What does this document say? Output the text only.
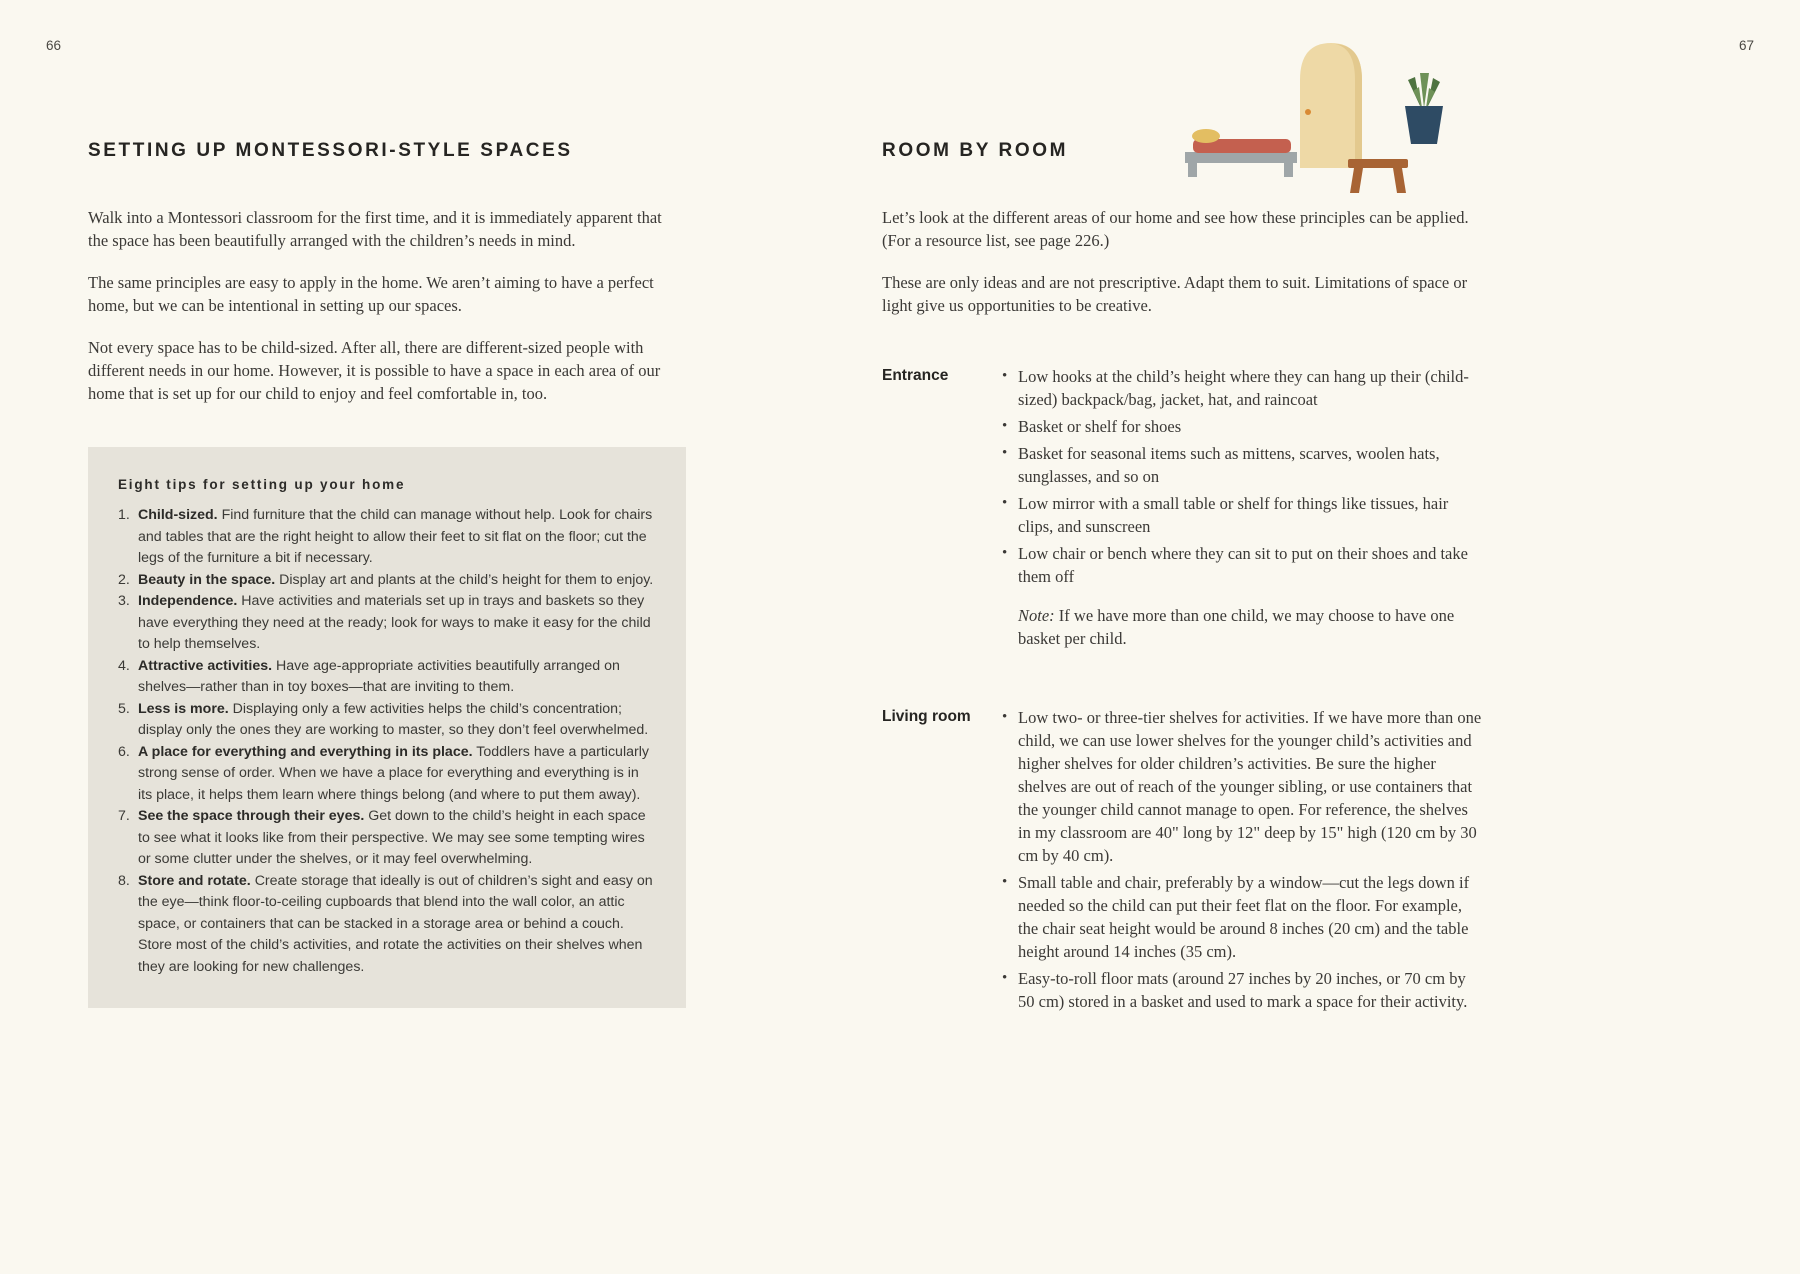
66	67
SETTING UP MONTESSORI-STYLE SPACES

Walk into a Montessori classroom for the first time, and it is immediately apparent that the space has been beautifully arranged with the children’s needs in mind.

The same principles are easy to apply in the home. We aren’t aiming to have a perfect home, but we can be intentional in setting up our spaces.

Not every space has to be child-sized. After all, there are different-sized people with different needs in our home. However, it is possible to have a space in each area of our home that is set up for our child to enjoy and feel comfortable in, too.

Eight tips for setting up your home
1. Child-sized. Find furniture that the child can manage without help. Look for chairs and tables that are the right height to allow their feet to sit flat on the floor; cut the legs of the furniture a bit if necessary.
2. Beauty in the space. Display art and plants at the child’s height for them to enjoy.
3. Independence. Have activities and materials set up in trays and baskets so they have everything they need at the ready; look for ways to make it easy for the child to help themselves.
4. Attractive activities. Have age-appropriate activities beautifully arranged on shelves—rather than in toy boxes—that are inviting to them.
5. Less is more. Displaying only a few activities helps the child’s concentration; display only the ones they are working to master, so they don’t feel overwhelmed.
6. A place for everything and everything in its place. Toddlers have a particularly strong sense of order. When we have a place for everything and everything is in its place, it helps them learn where things belong (and where to put them away).
7. See the space through their eyes. Get down to the child’s height in each space to see what it looks like from their perspective. We may see some tempting wires or some clutter under the shelves, or it may feel overwhelming.
8. Store and rotate. Create storage that ideally is out of children’s sight and easy on the eye—think floor-to-ceiling cupboards that blend into the wall color, an attic space, or containers that can be stacked in a storage area or behind a couch. Store most of the child’s activities, and rotate the activities on their shelves when they are looking for new challenges.
ROOM BY ROOM

Let’s look at the different areas of our home and see how these principles can be applied. (For a resource list, see page 226.)

These are only ideas and are not prescriptive. Adapt them to suit. Limitations of space or light give us opportunities to be creative.

Entrance	• Low hooks at the child’s height where they can hang up their (child-sized) backpack/bag, jacket, hat, and raincoat
• Basket or shelf for shoes
• Basket for seasonal items such as mittens, scarves, woolen hats, sunglasses, and so on
• Low mirror with a small table or shelf for things like tissues, hair clips, and sunscreen
• Low chair or bench where they can sit to put on their shoes and take them off

Note: If we have more than one child, we may choose to have one basket per child.

Living room	• Low two- or three-tier shelves for activities. If we have more than one child, we can use lower shelves for the younger child’s activities and higher shelves for older children’s activities. Be sure the higher shelves are out of reach of the younger sibling, or use containers that the younger child cannot manage to open. For reference, the shelves in my classroom are 40" long by 12" deep by 15" high (120 cm by 30 cm by 40 cm).
• Small table and chair, preferably by a window—cut the legs down if needed so the child can put their feet flat on the floor. For example, the chair seat height would be around 8 inches (20 cm) and the table height around 14 inches (35 cm).
• Easy-to-roll floor mats (around 27 inches by 20 inches, or 70 cm by 50 cm) stored in a basket and used to mark a space for their activity.
